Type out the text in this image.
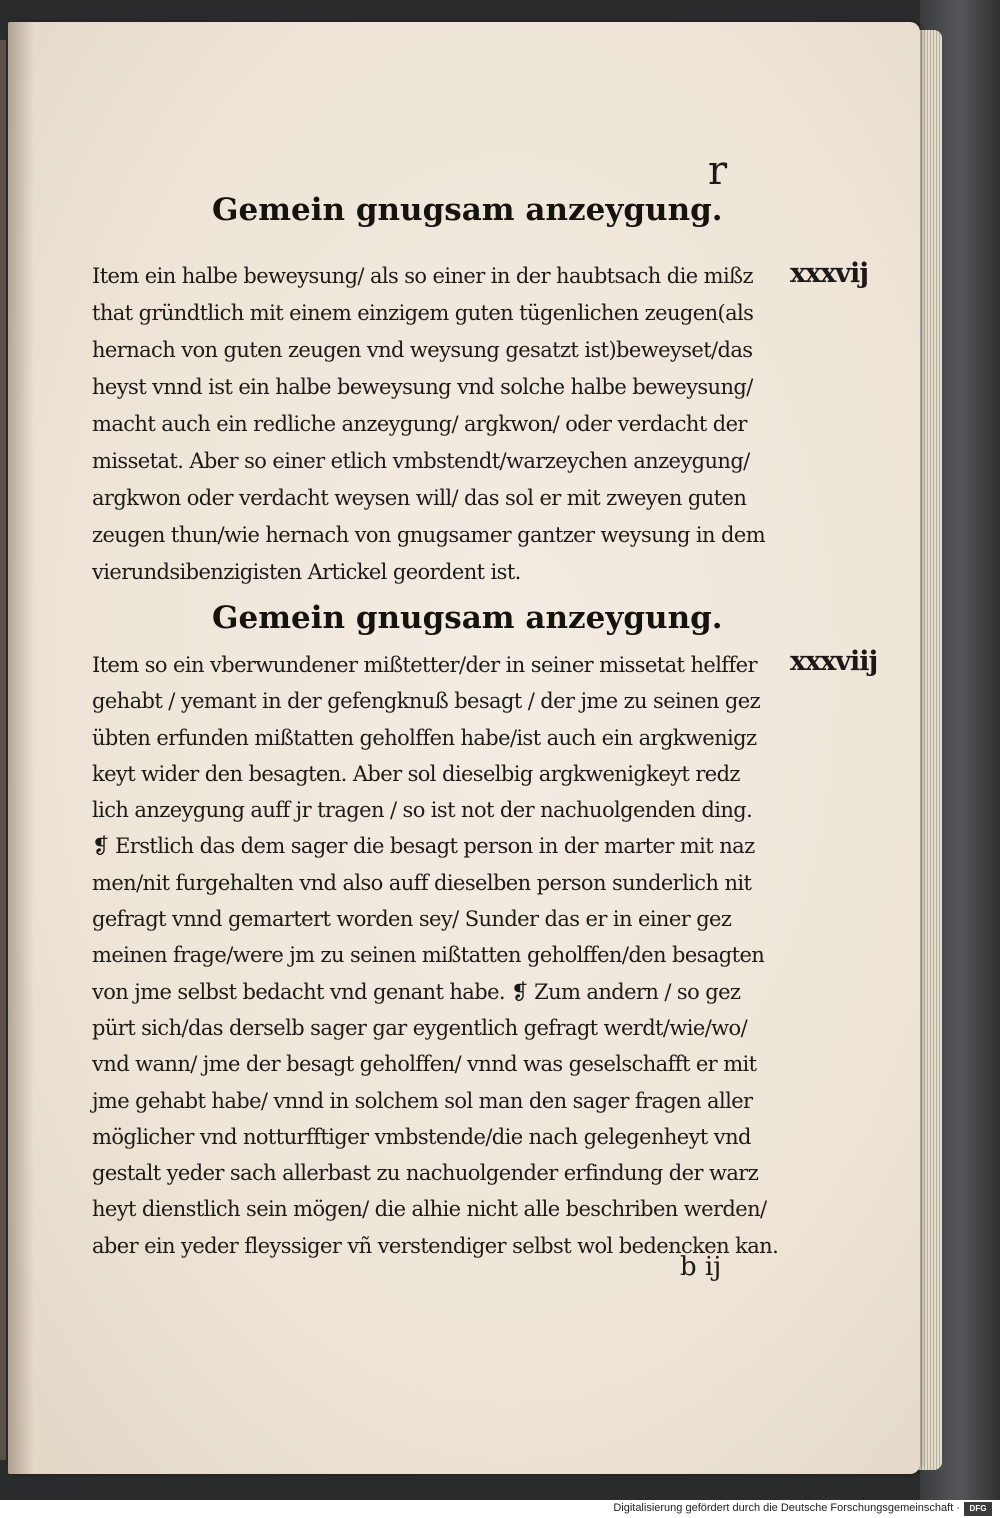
r
Gemein gnugsam anzeygung.
xxxvij
Item ein halbe beweysung/ als so einer in der haubtsach die mißz
that gründtlich mit einem einzigem guten tügenlichen zeugen(als
hernach von guten zeugen vnd weysung gesatzt ist)beweyset/das
heyst vnnd ist ein halbe beweysung vnd solche halbe beweysung/
macht auch ein redliche anzeygung/ argkwon/ oder verdacht der
missetat. Aber so einer etlich vmbstendt/warzeychen anzeygung/
argkwon oder verdacht weysen will/ das sol er mit zweyen guten
zeugen thun/wie hernach von gnugsamer gantzer weysung in dem
vierundsibenzigisten Artickel geordent ist.
Gemein gnugsam anzeygung.
xxxviij
Item so ein vberwundener mißtetter/der in seiner missetat helffer
gehabt / yemant in der gefengknuß besagt / der jme zu seinen gez
übten erfunden mißtatten geholffen habe/ist auch ein argkwenigz
keyt wider den besagten. Aber sol dieselbig argkwenigkeyt redz
lich anzeygung auff jr tragen / so ist not der nachuolgenden ding.
❡ Erstlich das dem sager die besagt person in der marter mit naz
men/nit furgehalten vnd also auff dieselben person sunderlich nit
gefragt vnnd gemartert worden sey/ Sunder das er in einer gez
meinen frage/were jm zu seinen mißtatten geholffen/den besagten
von jme selbst bedacht vnd genant habe. ❡ Zum andern / so gez
pürt sich/das derselb sager gar eygentlich gefragt werdt/wie/wo/
vnd wann/ jme der besagt geholffen/ vnnd was geselschafft er mit
jme gehabt habe/ vnnd in solchem sol man den sager fragen aller
möglicher vnd notturfftiger vmbstende/die nach gelegenheyt vnd
gestalt yeder sach allerbast zu nachuolgender erfindung der warz
heyt dienstlich sein mögen/ die alhie nicht alle beschriben werden/
aber ein yeder fleyssiger vñ verstendiger selbst wol bedencken kan.
b ij
Digitalisierung gefördert durch die Deutsche Forschungsgemeinschaft ·	DFG
